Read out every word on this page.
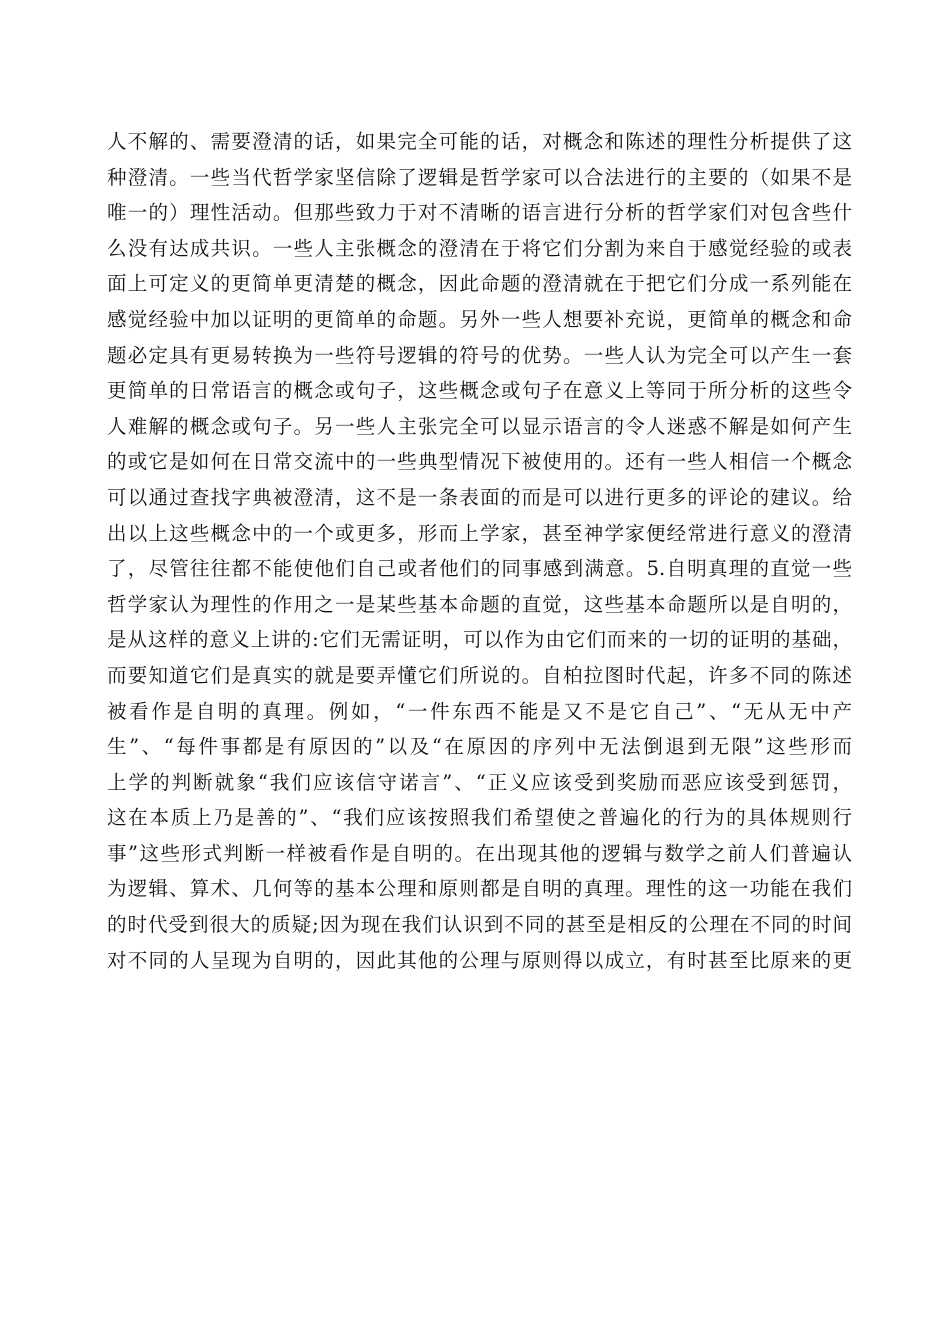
人不解的、需要澄清的话，如果完全可能的话，对概念和陈述的理性分析提供了这
种澄清。一些当代哲学家坚信除了逻辑是哲学家可以合法进行的主要的（如果不是
唯一的）理性活动。但那些致力于对不清晰的语言进行分析的哲学家们对包含些什
么没有达成共识。一些人主张概念的澄清在于将它们分割为来自于感觉经验的或表
面上可定义的更简单更清楚的概念，因此命题的澄清就在于把它们分成一系列能在
感觉经验中加以证明的更简单的命题。另外一些人想要补充说，更简单的概念和命
题必定具有更易转换为一些符号逻辑的符号的优势。一些人认为完全可以产生一套
更简单的日常语言的概念或句子，这些概念或句子在意义上等同于所分析的这些令
人难解的概念或句子。另一些人主张完全可以显示语言的令人迷惑不解是如何产生
的或它是如何在日常交流中的一些典型情况下被使用的。还有一些人相信一个概念
可以通过查找字典被澄清，这不是一条表面的而是可以进行更多的评论的建议。给
出以上这些概念中的一个或更多，形而上学家，甚至神学家便经常进行意义的澄清
了，尽管往往都不能使他们自己或者他们的同事感到满意。5.自明真理的直觉一些
哲学家认为理性的作用之一是某些基本命题的直觉，这些基本命题所以是自明的，
是从这样的意义上讲的:它们无需证明，可以作为由它们而来的一切的证明的基础，
而要知道它们是真实的就是要弄懂它们所说的。自柏拉图时代起，许多不同的陈述
被看作是自明的真理。例如，“一件东西不能是又不是它自己”、“无从无中产
生”、“每件事都是有原因的”以及“在原因的序列中无法倒退到无限”这些形而
上学的判断就象“我们应该信守诺言”、“正义应该受到奖励而恶应该受到惩罚，
这在本质上乃是善的”、“我们应该按照我们希望使之普遍化的行为的具体规则行
事”这些形式判断一样被看作是自明的。在出现其他的逻辑与数学之前人们普遍认
为逻辑、算术、几何等的基本公理和原则都是自明的真理。理性的这一功能在我们
的时代受到很大的质疑;因为现在我们认识到不同的甚至是相反的公理在不同的时间
对不同的人呈现为自明的，因此其他的公理与原则得以成立，有时甚至比原来的更
